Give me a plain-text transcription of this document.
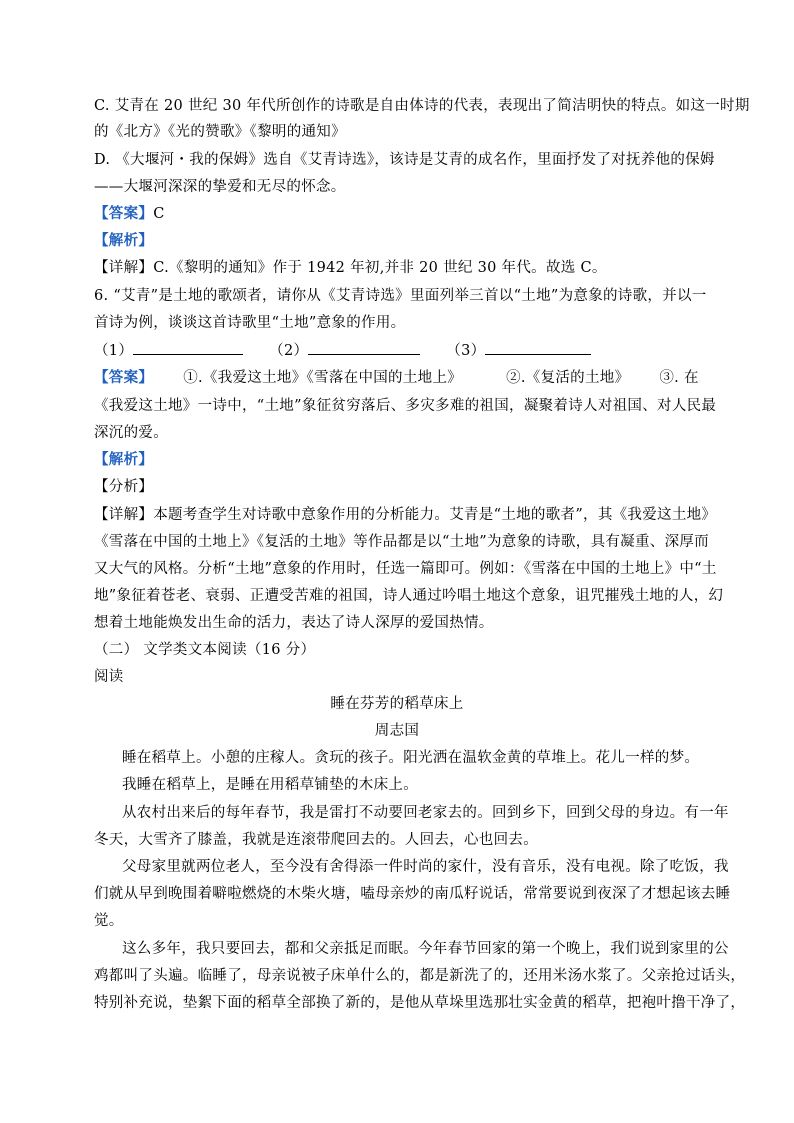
C. 艾青在 20 世纪 30 年代所创作的诗歌是自由体诗的代表，表现出了简洁明快的特点。如这一时期
的《北方》《光的赞歌》《黎明的通知》
D. 《大堰河・我的保姆》选自《艾青诗选》，该诗是艾青的成名作，里面抒发了对抚养他的保姆
——大堰河深深的挚爱和无尽的怀念。
【答案】C
【解析】
【详解】C.《黎明的通知》作于 1942 年初,并非 20 世纪 30 年代。故选 C。
6. “艾青”是土地的歌颂者，请你从《艾青诗选》里面列举三首以“土地”为意象的诗歌，并以一
首诗为例，谈谈这首诗歌里“土地”意象的作用。
（1）	（2）	（3）
【答案】 ①.《我爱这土地》《雪落在中国的土地上》	②.《复活的土地》 ③. 在
《我爱这土地》一诗中，“土地”象征贫穷落后、多灾多难的祖国，凝聚着诗人对祖国、对人民最
深沉的爱。
【解析】
【分析】
【详解】本题考查学生对诗歌中意象作用的分析能力。艾青是“土地的歌者”，其《我爱这土地》
《雪落在中国的土地上》《复活的土地》等作品都是以“土地”为意象的诗歌，具有凝重、深厚而
又大气的风格。分析“土地”意象的作用时，任选一篇即可。例如：《雪落在中国的土地上》中“土
地”象征着苍老、衰弱、正遭受苦难的祖国，诗人通过吟唱土地这个意象，诅咒摧残土地的人，幻
想着土地能焕发出生命的活力，表达了诗人深厚的爱国热情。
（二） 文学类文本阅读（16 分）
阅读
睡在芬芳的稻草床上
周志国
睡在稻草上。小憩的庄稼人。贪玩的孩子。阳光洒在温软金黄的草堆上。花儿一样的梦。
我睡在稻草上，是睡在用稻草铺垫的木床上。
从农村出来后的每年春节，我是雷打不动要回老家去的。回到乡下，回到父母的身边。有一年
冬天，大雪齐了膝盖，我就是连滚带爬回去的。人回去，心也回去。
父母家里就两位老人，至今没有舍得添一件时尚的家什，没有音乐，没有电视。除了吃饭，我
们就从早到晚围着噼啦燃烧的木柴火塘，嗑母亲炒的南瓜籽说话，常常要说到夜深了才想起该去睡
觉。
这么多年，我只要回去，都和父亲抵足而眠。今年春节回家的第一个晚上，我们说到家里的公
鸡都叫了头遍。临睡了，母亲说被子床单什么的，都是新洗了的，还用米汤水浆了。父亲抢过话头，
特别补充说，垫絮下面的稻草全部换了新的，是他从草垛里选那壮实金黄的稻草，把袍叶撸干净了，
